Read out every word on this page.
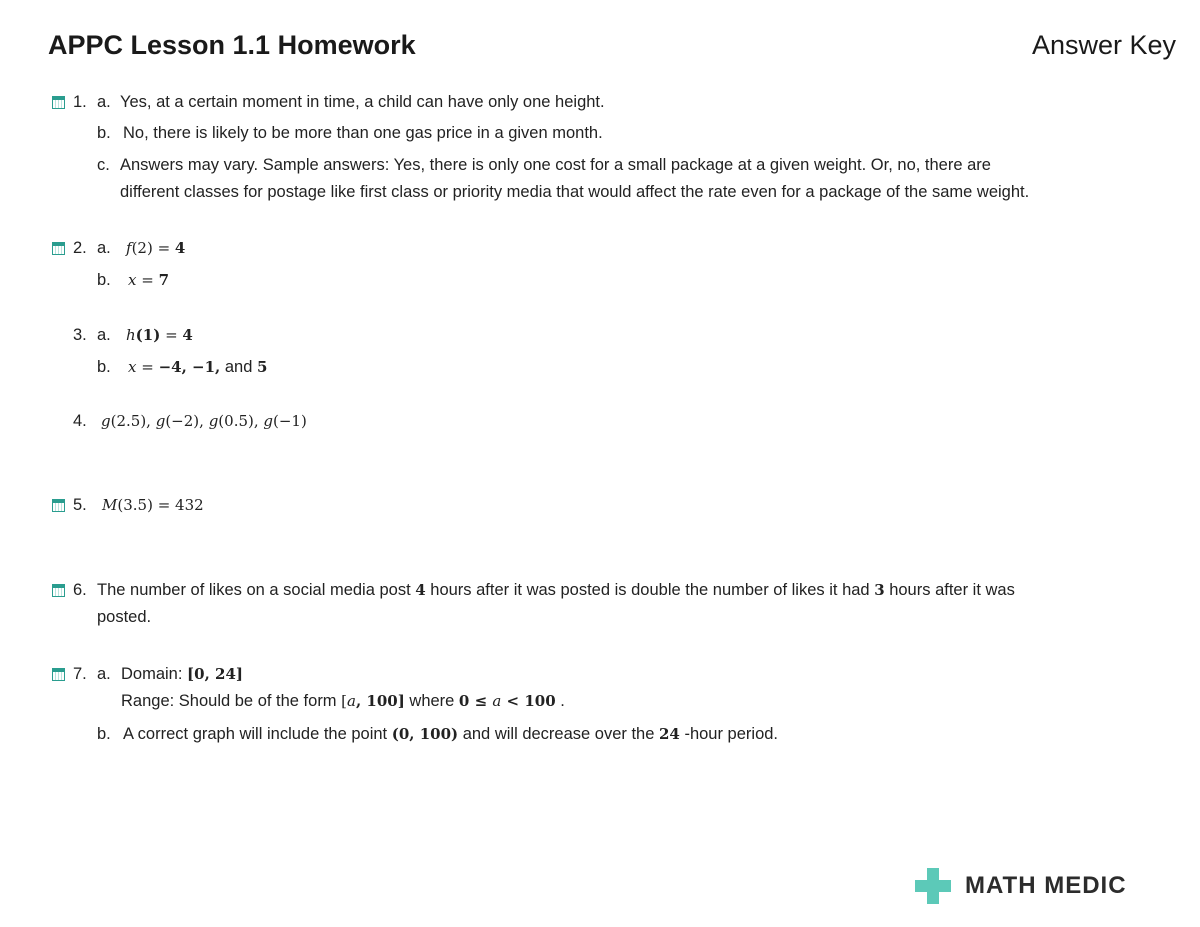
APPC Lesson 1.1 Homework	Answer Key
1. a. Yes, at a certain moment in time, a child can have only one height.
b. No, there is likely to be more than one gas price in a given month.
c. Answers may vary. Sample answers: Yes, there is only one cost for a small package at a given weight. Or, no, there are
different classes for postage like first class or priority media that would affect the rate even for a package of the same weight.
2. a. f(2) = 4
b. x = 7
3. a. h(1) = 4
b. x = −4, −1, and 5
4. g(2.5), g(−2), g(0.5), g(−1)
5. M(3.5) = 432
6. The number of likes on a social media post 4 hours after it was posted is double the number of likes it had 3 hours after it was
posted.
7. a. Domain: [0, 24]
Range: Should be of the form [a, 100] where 0 ≤ a < 100 .
b. A correct graph will include the point (0, 100) and will decrease over the 24 -hour period.
MATH MEDIC
